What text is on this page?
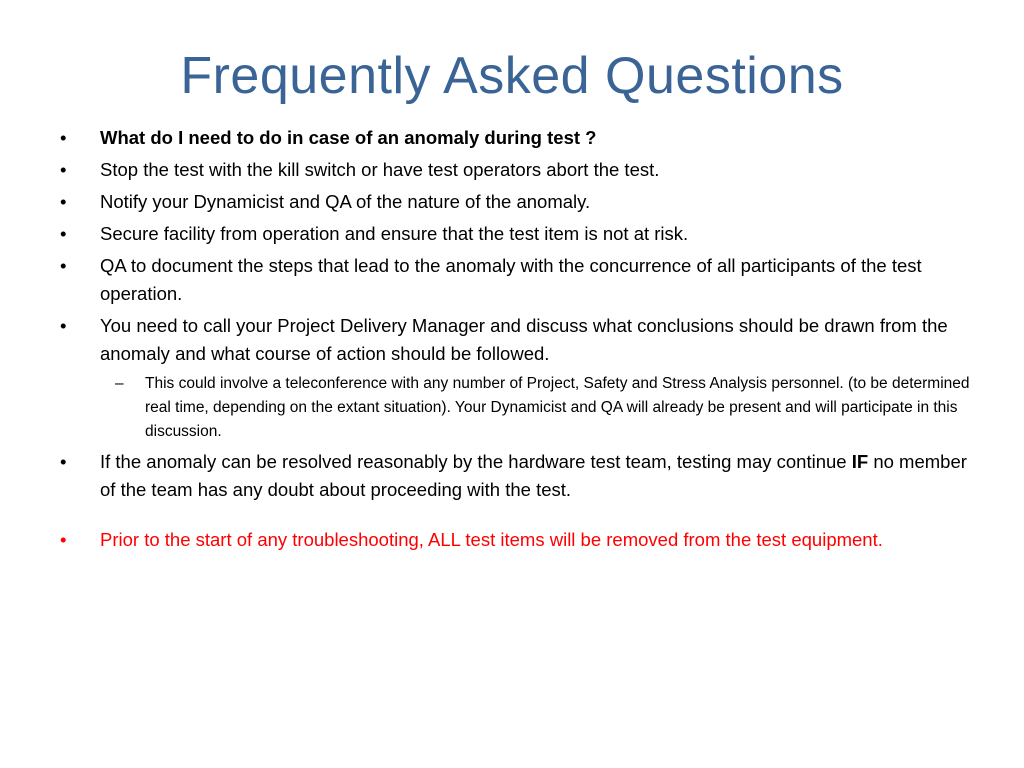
Frequently Asked Questions
•	What do I need to do in case of an anomaly during test ?
•	Stop the test with the kill switch or have test operators abort the test.
•	Notify your Dynamicist and QA of the nature of the anomaly.
•	Secure facility from operation and ensure that the test item is not at risk.
•	QA to document the steps that lead to the anomaly with the concurrence of all participants of the test operation.
•	You need to call your Project Delivery Manager and discuss what conclusions should be drawn from the anomaly and what course of action should be followed.
– This could involve a teleconference with any number of Project, Safety and Stress Analysis personnel. (to be determined real time, depending on the extant situation). Your Dynamicist and QA will already be present and will participate in this discussion.
•	If the anomaly can be resolved reasonably by the hardware test team, testing may continue IF no member of the team has any doubt about proceeding with the test.
•	Prior to the start of any troubleshooting, ALL test items will be removed from the test equipment.
